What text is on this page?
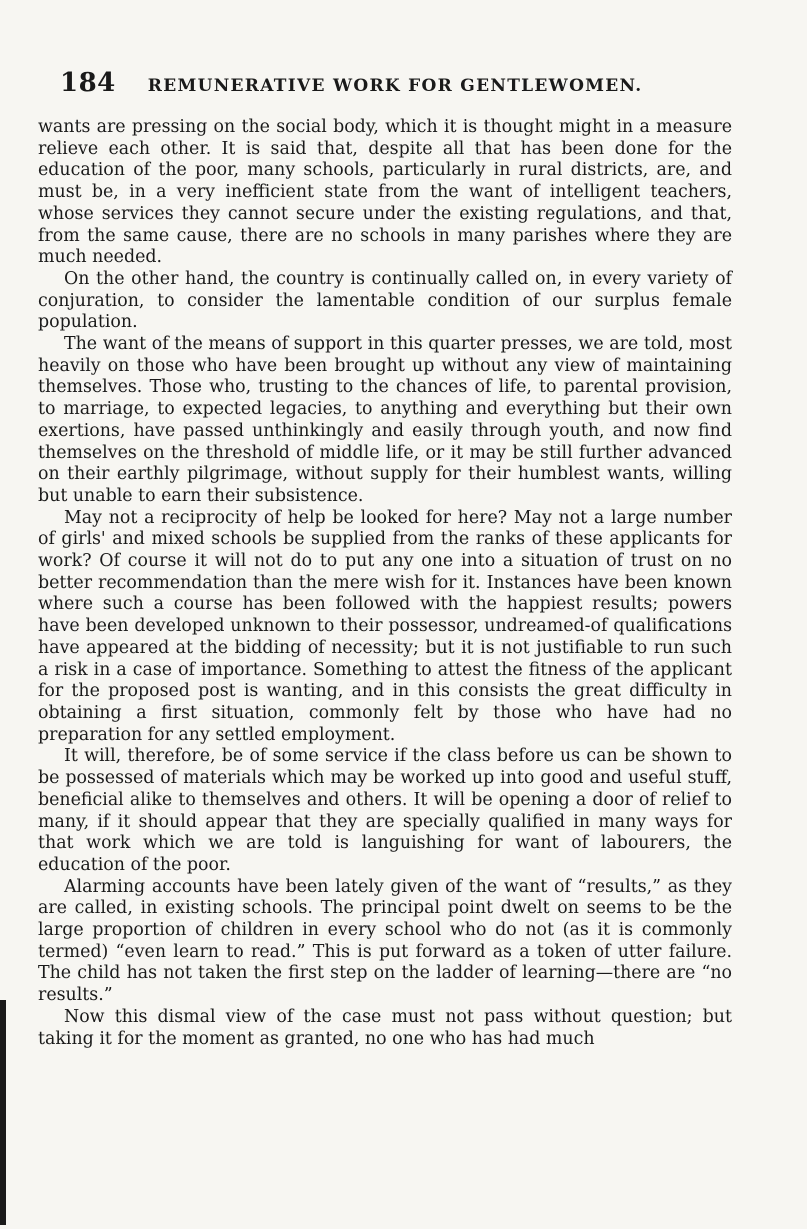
184 REMUNERATIVE WORK FOR GENTLEWOMEN.

wants are pressing on the social body, which it is thought might in a measure relieve each other. It is said that, despite all that has been done for the education of the poor, many schools, particularly in rural districts, are, and must be, in a very inefficient state from the want of intelligent teachers, whose services they cannot secure under the existing regulations, and that, from the same cause, there are no schools in many parishes where they are much needed.

On the other hand, the country is continually called on, in every variety of conjuration, to consider the lamentable condition of our surplus female population.

The want of the means of support in this quarter presses, we are told, most heavily on those who have been brought up without any view of maintaining themselves. Those who, trusting to the chances of life, to parental provision, to marriage, to expected legacies, to anything and everything but their own exertions, have passed unthinkingly and easily through youth, and now find themselves on the threshold of middle life, or it may be still further advanced on their earthly pilgrimage, without supply for their humblest wants, willing but unable to earn their subsistence.

May not a reciprocity of help be looked for here? May not a large number of girls' and mixed schools be supplied from the ranks of these applicants for work? Of course it will not do to put any one into a situation of trust on no better recommendation than the mere wish for it. Instances have been known where such a course has been followed with the happiest results; powers have been developed unknown to their possessor, undreamed-of qualifications have appeared at the bidding of necessity; but it is not justifiable to run such a risk in a case of importance. Something to attest the fitness of the applicant for the proposed post is wanting, and in this consists the great difficulty in obtaining a first situation, commonly felt by those who have had no preparation for any settled employment.

It will, therefore, be of some service if the class before us can be shown to be possessed of materials which may be worked up into good and useful stuff, beneficial alike to themselves and others. It will be opening a door of relief to many, if it should appear that they are specially qualified in many ways for that work which we are told is languishing for want of labourers, the education of the poor.

Alarming accounts have been lately given of the want of “results,” as they are called, in existing schools. The principal point dwelt on seems to be the large proportion of children in every school who do not (as it is commonly termed) “even learn to read.” This is put forward as a token of utter failure. The child has not taken the first step on the ladder of learning—there are “no results.”

Now this dismal view of the case must not pass without question; but taking it for the moment as granted, no one who has had much
